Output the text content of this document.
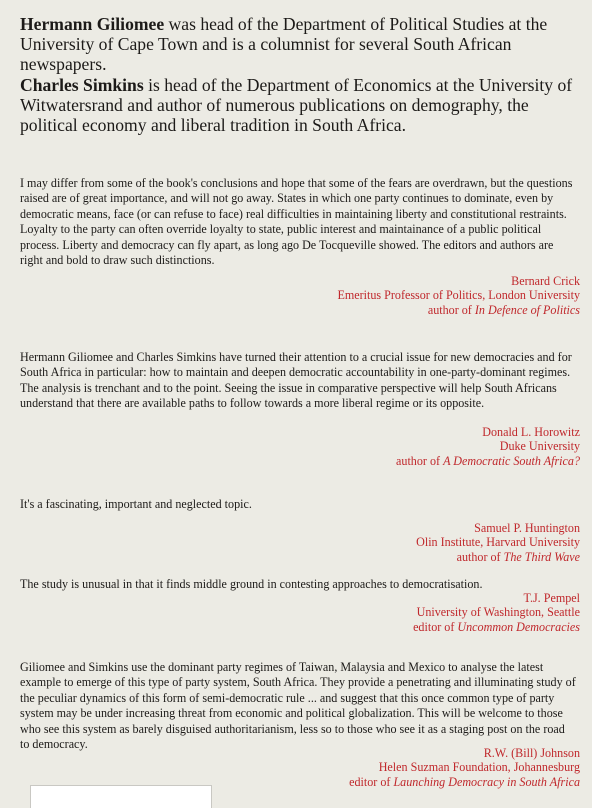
Hermann Giliomee was head of the Department of Political Studies at the University of Cape Town and is a columnist for several South African newspapers.

Charles Simkins is head of the Department of Economics at the University of Witwatersrand and author of numerous publications on demography, the political economy and liberal tradition in South Africa.

I may differ from some of the book's conclusions and hope that some of the fears are overdrawn, but the questions raised are of great importance, and will not go away. States in which one party continues to dominate, even by democratic means, face (or can refuse to face) real difficulties in maintaining liberty and constitutional restraints. Loyalty to the party can often override loyalty to state, public interest and maintainance of a public political process. Liberty and democracy can fly apart, as long ago De Tocqueville showed. The editors and authors are right and bold to draw such distinctions.

Bernard Crick
Emeritus Professor of Politics, London University
author of In Defence of Politics

Hermann Giliomee and Charles Simkins have turned their attention to a crucial issue for new democracies and for South Africa in particular: how to maintain and deepen democratic accountability in one-party-dominant regimes. The analysis is trenchant and to the point. Seeing the issue in comparative perspective will help South Africans understand that there are available paths to follow towards a more liberal regime or its opposite.

Donald L. Horowitz
Duke University
author of A Democratic South Africa?

It's a fascinating, important and neglected topic.

Samuel P. Huntington
Olin Institute, Harvard University
author of The Third Wave

The study is unusual in that it finds middle ground in contesting approaches to democratisation.

T.J. Pempel
University of Washington, Seattle
editor of Uncommon Democracies

Giliomee and Simkins use the dominant party regimes of Taiwan, Malaysia and Mexico to analyse the latest example to emerge of this type of party system, South Africa. They provide a penetrating and illuminating study of the peculiar dynamics of this form of semi-democratic rule ... and suggest that this once common type of party system may be under increasing threat from economic and political globalization. This will be welcome to those who see this system as barely disguised authoritarianism, less so to those who see it as a staging post on the road to democracy.

R.W. (Bill) Johnson
Helen Suzman Foundation, Johannesburg
editor of Launching Democracy in South Africa
